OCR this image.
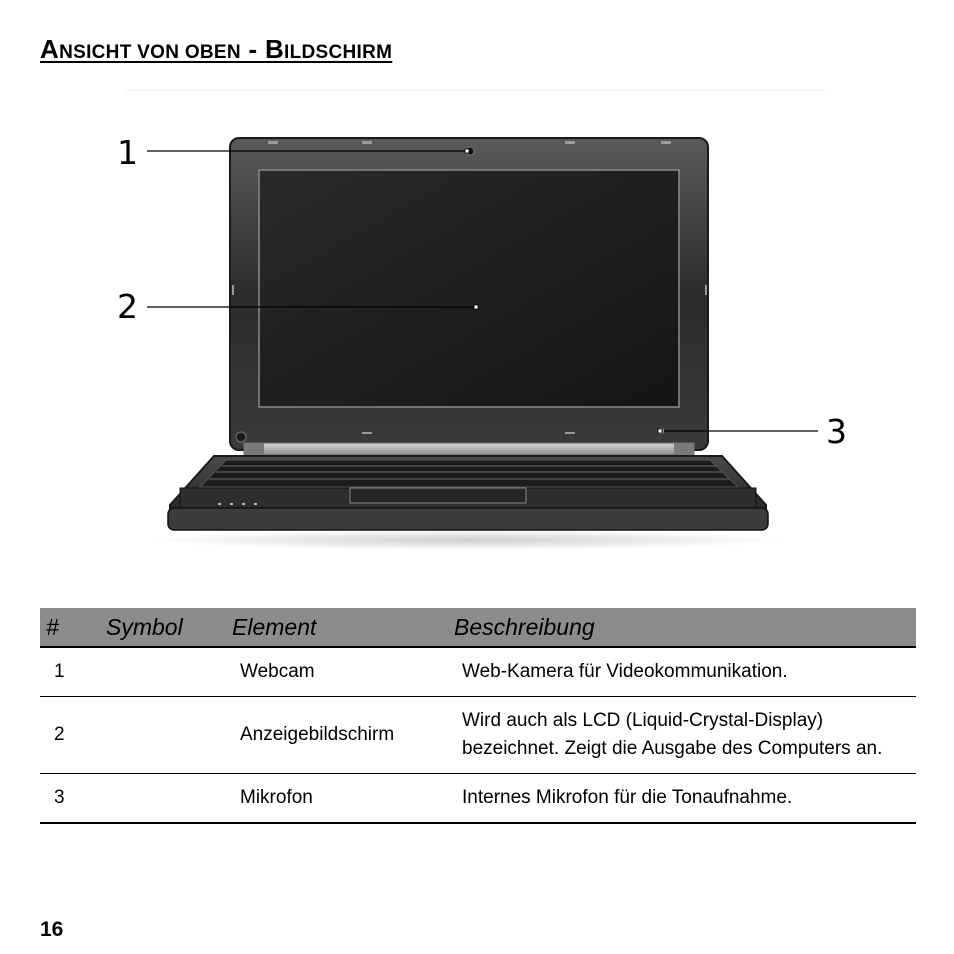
ANSICHT VON OBEN - BILDSCHIRM
1
2
3
#	Symbol	Element	Beschreibung
1		Webcam	Web-Kamera für Videokommunikation.
2		Anzeigebildschirm	Wird auch als LCD (Liquid-Crystal-Display) bezeichnet. Zeigt die Ausgabe des Computers an.
3		Mikrofon	Internes Mikrofon für die Tonaufnahme.
16
